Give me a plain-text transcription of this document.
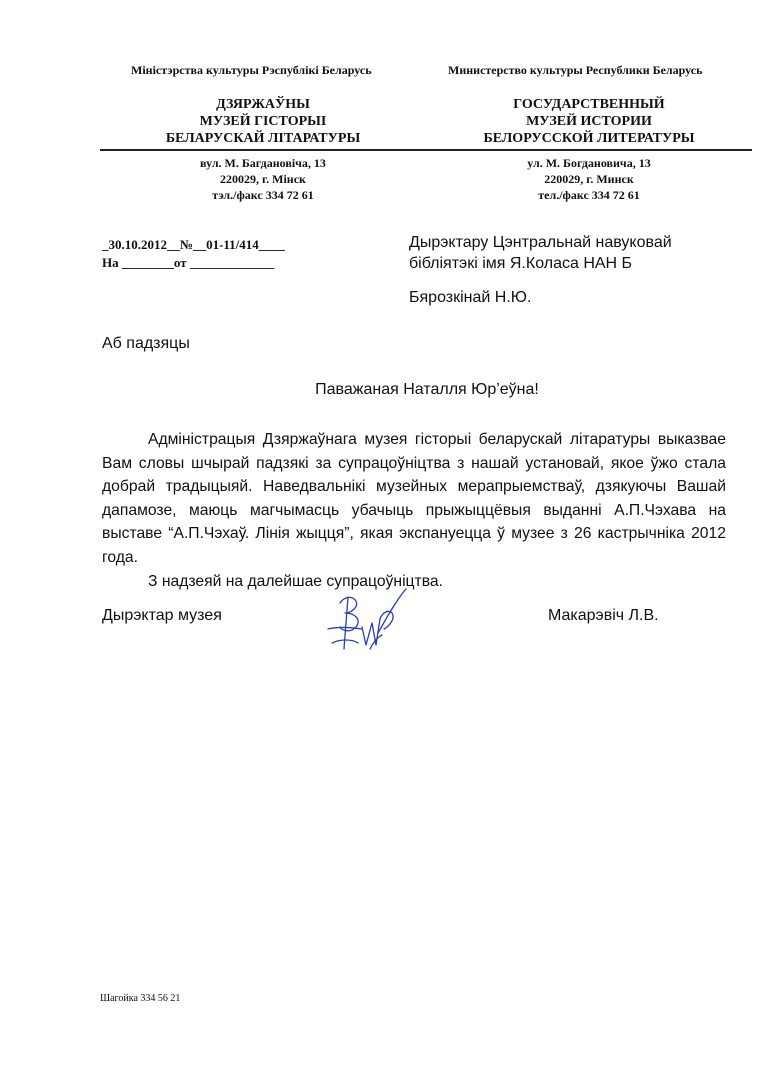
Міністэрства культуры Рэспублікі Беларусь	Министерство культуры Республики Беларусь
ДЗЯРЖАЎНЫ
МУЗЕЙ ГІСТОРЫІ
БЕЛАРУСКАЙ ЛІТАРАТУРЫ
ГОСУДАРСТВЕННЫЙ
МУЗЕЙ ИСТОРИИ
БЕЛОРУССКОЙ ЛИТЕРАТУРЫ
вул. М. Багдановіча, 13
220029, г. Мінск
тэл./факс 334 72 61
ул. М. Богдановича, 13
220029, г. Минск
тел./факс 334 72 61
_30.10.2012__№__01-11/414____
На ________от _____________
Дырэктару Цэнтральнай навуковай
бібліятэкі імя Я.Коласа НАН Б
Бярозкінай Н.Ю.
Аб падзяцы
Паважаная Наталля Юр’еўна!

Адміністрацыя Дзяржаўнага музея гісторыі беларускай літаратуры выказвае Вам словы шчырай падзякі за супрацоўніцтва з нашай установай, якое ўжо стала добрай традыцыяй. Наведвальнікі музейных мерапрыемстваў, дзякуючы Вашай дапамозе, маюць магчымасць убачыць прыжыццёвыя выданні А.П.Чэхава на выставе “А.П.Чэхаў. Лінія жыцця”, якая экспануецца ў музее з 26 кастрычніка 2012 года.

З надзеяй на далейшае супрацоўніцтва.

Дырэктар музея	Макарэвіч Л.В.
Шагойка 334 56 21
